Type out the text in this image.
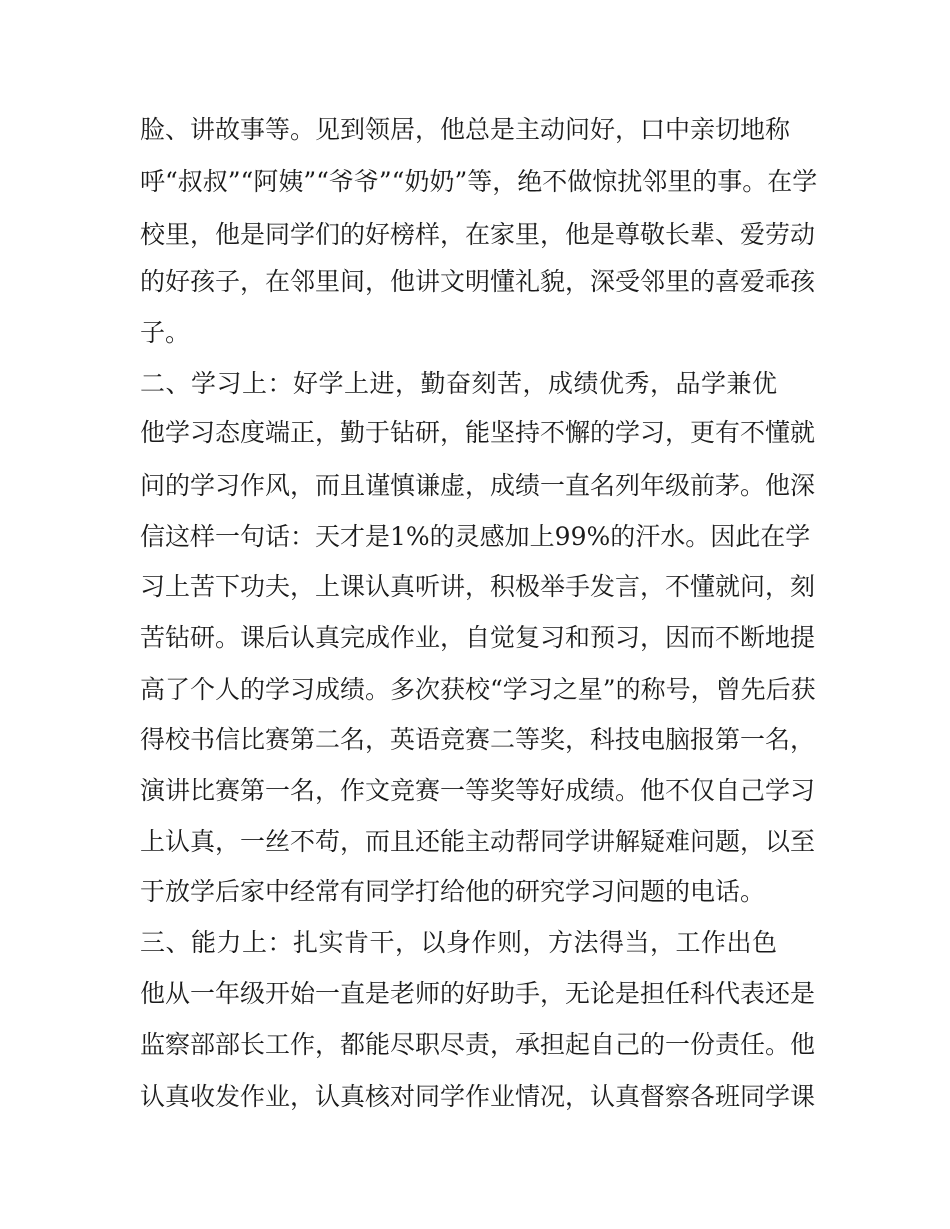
脸、讲故事等。见到领居，他总是主动问好，口中亲切地称

呼“叔叔”“阿姨”“爷爷”“奶奶”等，绝不做惊扰邻里的事。在学

校里，他是同学们的好榜样，在家里，他是尊敬长辈、爱劳动

的好孩子，在邻里间，他讲文明懂礼貌，深受邻里的喜爱乖孩

子。

二、学习上：好学上进，勤奋刻苦，成绩优秀，品学兼优

他学习态度端正，勤于钻研，能坚持不懈的学习，更有不懂就

问的学习作风，而且谨慎谦虚，成绩一直名列年级前茅。他深

信这样一句话：天才是1%的灵感加上99%的汗水。因此在学

习上苦下功夫，上课认真听讲，积极举手发言，不懂就问，刻

苦钻研。课后认真完成作业，自觉复习和预习，因而不断地提

高了个人的学习成绩。多次获校“学习之星”的称号，曾先后获

得校书信比赛第二名，英语竞赛二等奖，科技电脑报第一名，

演讲比赛第一名，作文竞赛一等奖等好成绩。他不仅自己学习

上认真，一丝不苟，而且还能主动帮同学讲解疑难问题，以至

于放学后家中经常有同学打给他的研究学习问题的电话。

三、能力上：扎实肯干，以身作则，方法得当，工作出色

他从一年级开始一直是老师的好助手，无论是担任科代表还是

监察部部长工作，都能尽职尽责，承担起自己的一份责任。他

认真收发作业，认真核对同学作业情况，认真督察各班同学课
